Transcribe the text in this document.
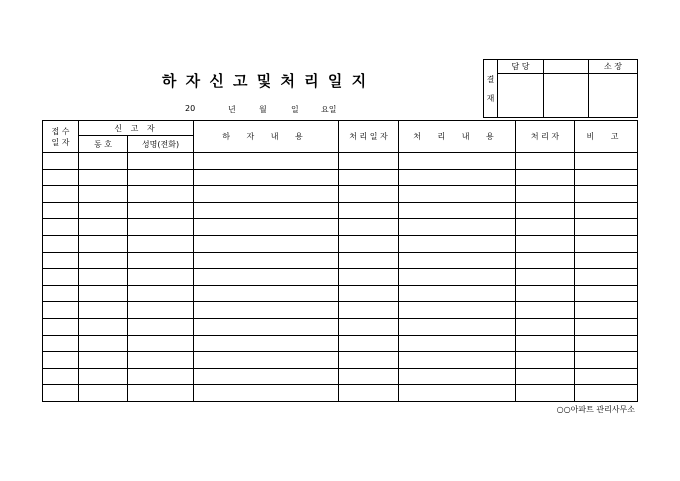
하 자 신 고 및 처 리 일 지
20	년	월	일	요일
결
재	담 당		소 장

접 수
일 자	신 고 자		하 자 내 용	처 리 일 자	처 리 내 용	처 리 자	비 고
	동 호	성명(전화)					

○○아파트 관리사무소
